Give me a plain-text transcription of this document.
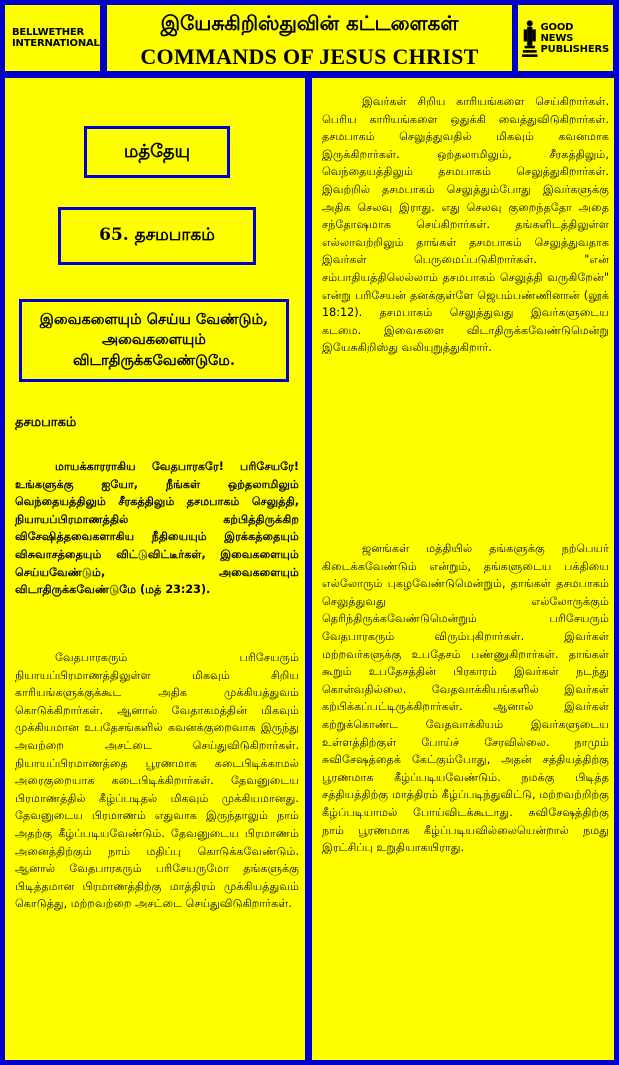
BELLWETHER
INTERNATIONAL
இயேசுகிறிஸ்துவின் கட்டளைகள்
COMMANDS OF JESUS CHRIST
GOOD NEWS
PUBLISHERS
மத்தேயு
65. தசமபாகம்
இவைகளையும் செய்ய வேண்டும், அவைகளையும் விடாதிருக்கவேண்டுமே.
தசமபாகம்
மாயக்காரராகிய வேதபாரகரே! பரிசேயரே! உங்களுக்கு ஐயோ, நீங்கள் ஒற்தலாமிலும் வெந்தையத்திலும் சீரகத்திலும் தசமபாகம் செலுத்தி, நியாயப்பிரமாணத்தில் கற்பித்திருக்கிற விசேஷித்தவைகளாகிய நீதியையும் இரக்கத்தையும் விசுவாசத்தையும் விட்டுவிட்டீர்கள், இவைகளையும் செய்யவேண்டும், அவைகளையும் விடாதிருக்கவேண்டுமே (மத் 23:23).
வேதபாரகரும் பரிசேயரும் நியாயப்பிரமாணத்திலுள்ள மிகவும் சிறிய காரியங்களுக்குக்கூட அதிக முக்கியத்துவம் கொடுக்கிறார்கள். ஆனால் வேதாகமத்தின் மிகவும் முக்கியமான உபதேசங்களில் கவனக்குறைவாக இருந்து அவற்றை அசட்டை செய்துவிடுகிறார்கள். நியாயப்பிரமாணத்தை பூரணமாக கடைபிடிக்காமல் அரைகுறையாக கடைபிடிக்கிறார்கள். தேவனுடைய பிரமாணத்தில் கீழ்ப்படிதல் மிகவும் முக்கியமானது. தேவனுடைய பிரமாணம் எதுவாக இருந்தாலும் நாம் அதற்கு கீழ்ப்படியவேண்டும். தேவனுடைய பிரமாணம் அனைத்திற்கும் நாம் மதிப்பு கொடுக்கவேண்டும். ஆனால் வேதபாரகரும் பரிசேயருமோ தங்களுக்கு பிடித்தமான பிரமாணத்திற்கு மாத்திரம் முக்கியத்துவம் கொடுத்து, மற்றவற்றை அசட்டை செய்துவிடுகிறார்கள்.
இவர்கள் சிறிய காரியங்களை செய்கிறார்கள். பெரிய காரியங்களை ஒதுக்கி வைத்துவிடுகிறார்கள். தசமபாகம் செலுத்துவதில் மிகவும் கவனமாக இருக்கிறார்கள். ஒற்தலாமிலும், சீரகத்திலும், வெந்தையத்திலும் தசமபாகம் செலுத்துகிறார்கள். இவற்றில் தசமபாகம் செலுத்தும்போது இவர்களுக்கு அதிக செலவு இராது. எது செலவு குறைந்ததோ அதை சந்தோஷமாக செய்கிறார்கள். தங்களிடத்திலுள்ள எல்லாவற்றிலும் தாங்கள் தசமபாகம் செலுத்துவதாக இவர்கள் பெருமைப்படுகிறார்கள். "என் சம்பாதியத்திலெல்லாம் தசமபாகம் செலுத்தி வருகிறேன்" என்று பரிசேயன் தனக்குள்ளே ஜெபம்பண்ணினான் (லூக் 18:12). தசமபாகம் செலுத்துவது இவர்களுடைய கடமை. இவைகளை விடாதிருக்கவேண்டுமென்று இயேசுகிறிஸ்து வலியுறுத்துகிறார்.
ஜனங்கள் மத்தியில் தங்களுக்கு நற்பெயர் கிடைக்கவேண்டும் என்றும், தங்களுடைய பக்தியை எல்லோரும் புகழவேண்டுமென்றும், தாங்கள் தசமபாகம் செலுத்துவது எல்லோருக்கும் தெரிந்திருக்கவேண்டுமென்றும் பரிசேயரும் வேதபாரகரும் விரும்புகிறார்கள். இவர்கள் மற்றவர்களுக்கு உபதேசம் பண்ணுகிறார்கள். தாங்கள் கூறும் உபதேசத்தின் பிரகாரம் இவர்கள் நடந்து கொள்வதில்லை. வேதவாக்கியங்களில் இவர்கள் கற்பிக்கப்பட்டிருக்கிறார்கள். ஆனால் இவர்கள் கற்றுக்கொண்ட வேதவாக்கியம் இவர்களுடைய உள்ளத்திற்குள் போய்ச் சேரவில்லை. நாமும் சுவிசேஷத்தைக் கேட்கும்போது, அதன் சத்தியத்திற்கு பூரணமாக கீழ்ப்படியவேண்டும். நமக்கு பிடித்த சத்தியத்திற்கு மாத்திரம் கீழ்ப்படிந்துவிட்டு, மற்றவற்றிற்கு கீழ்ப்படியாமல் போய்விடக்கூடாது. சுவிசேஷத்திற்கு நாம் பூரணமாக கீழ்ப்படியவில்லையென்றால் நமது இரட்சிப்பு உறுதியாகயிராது.
